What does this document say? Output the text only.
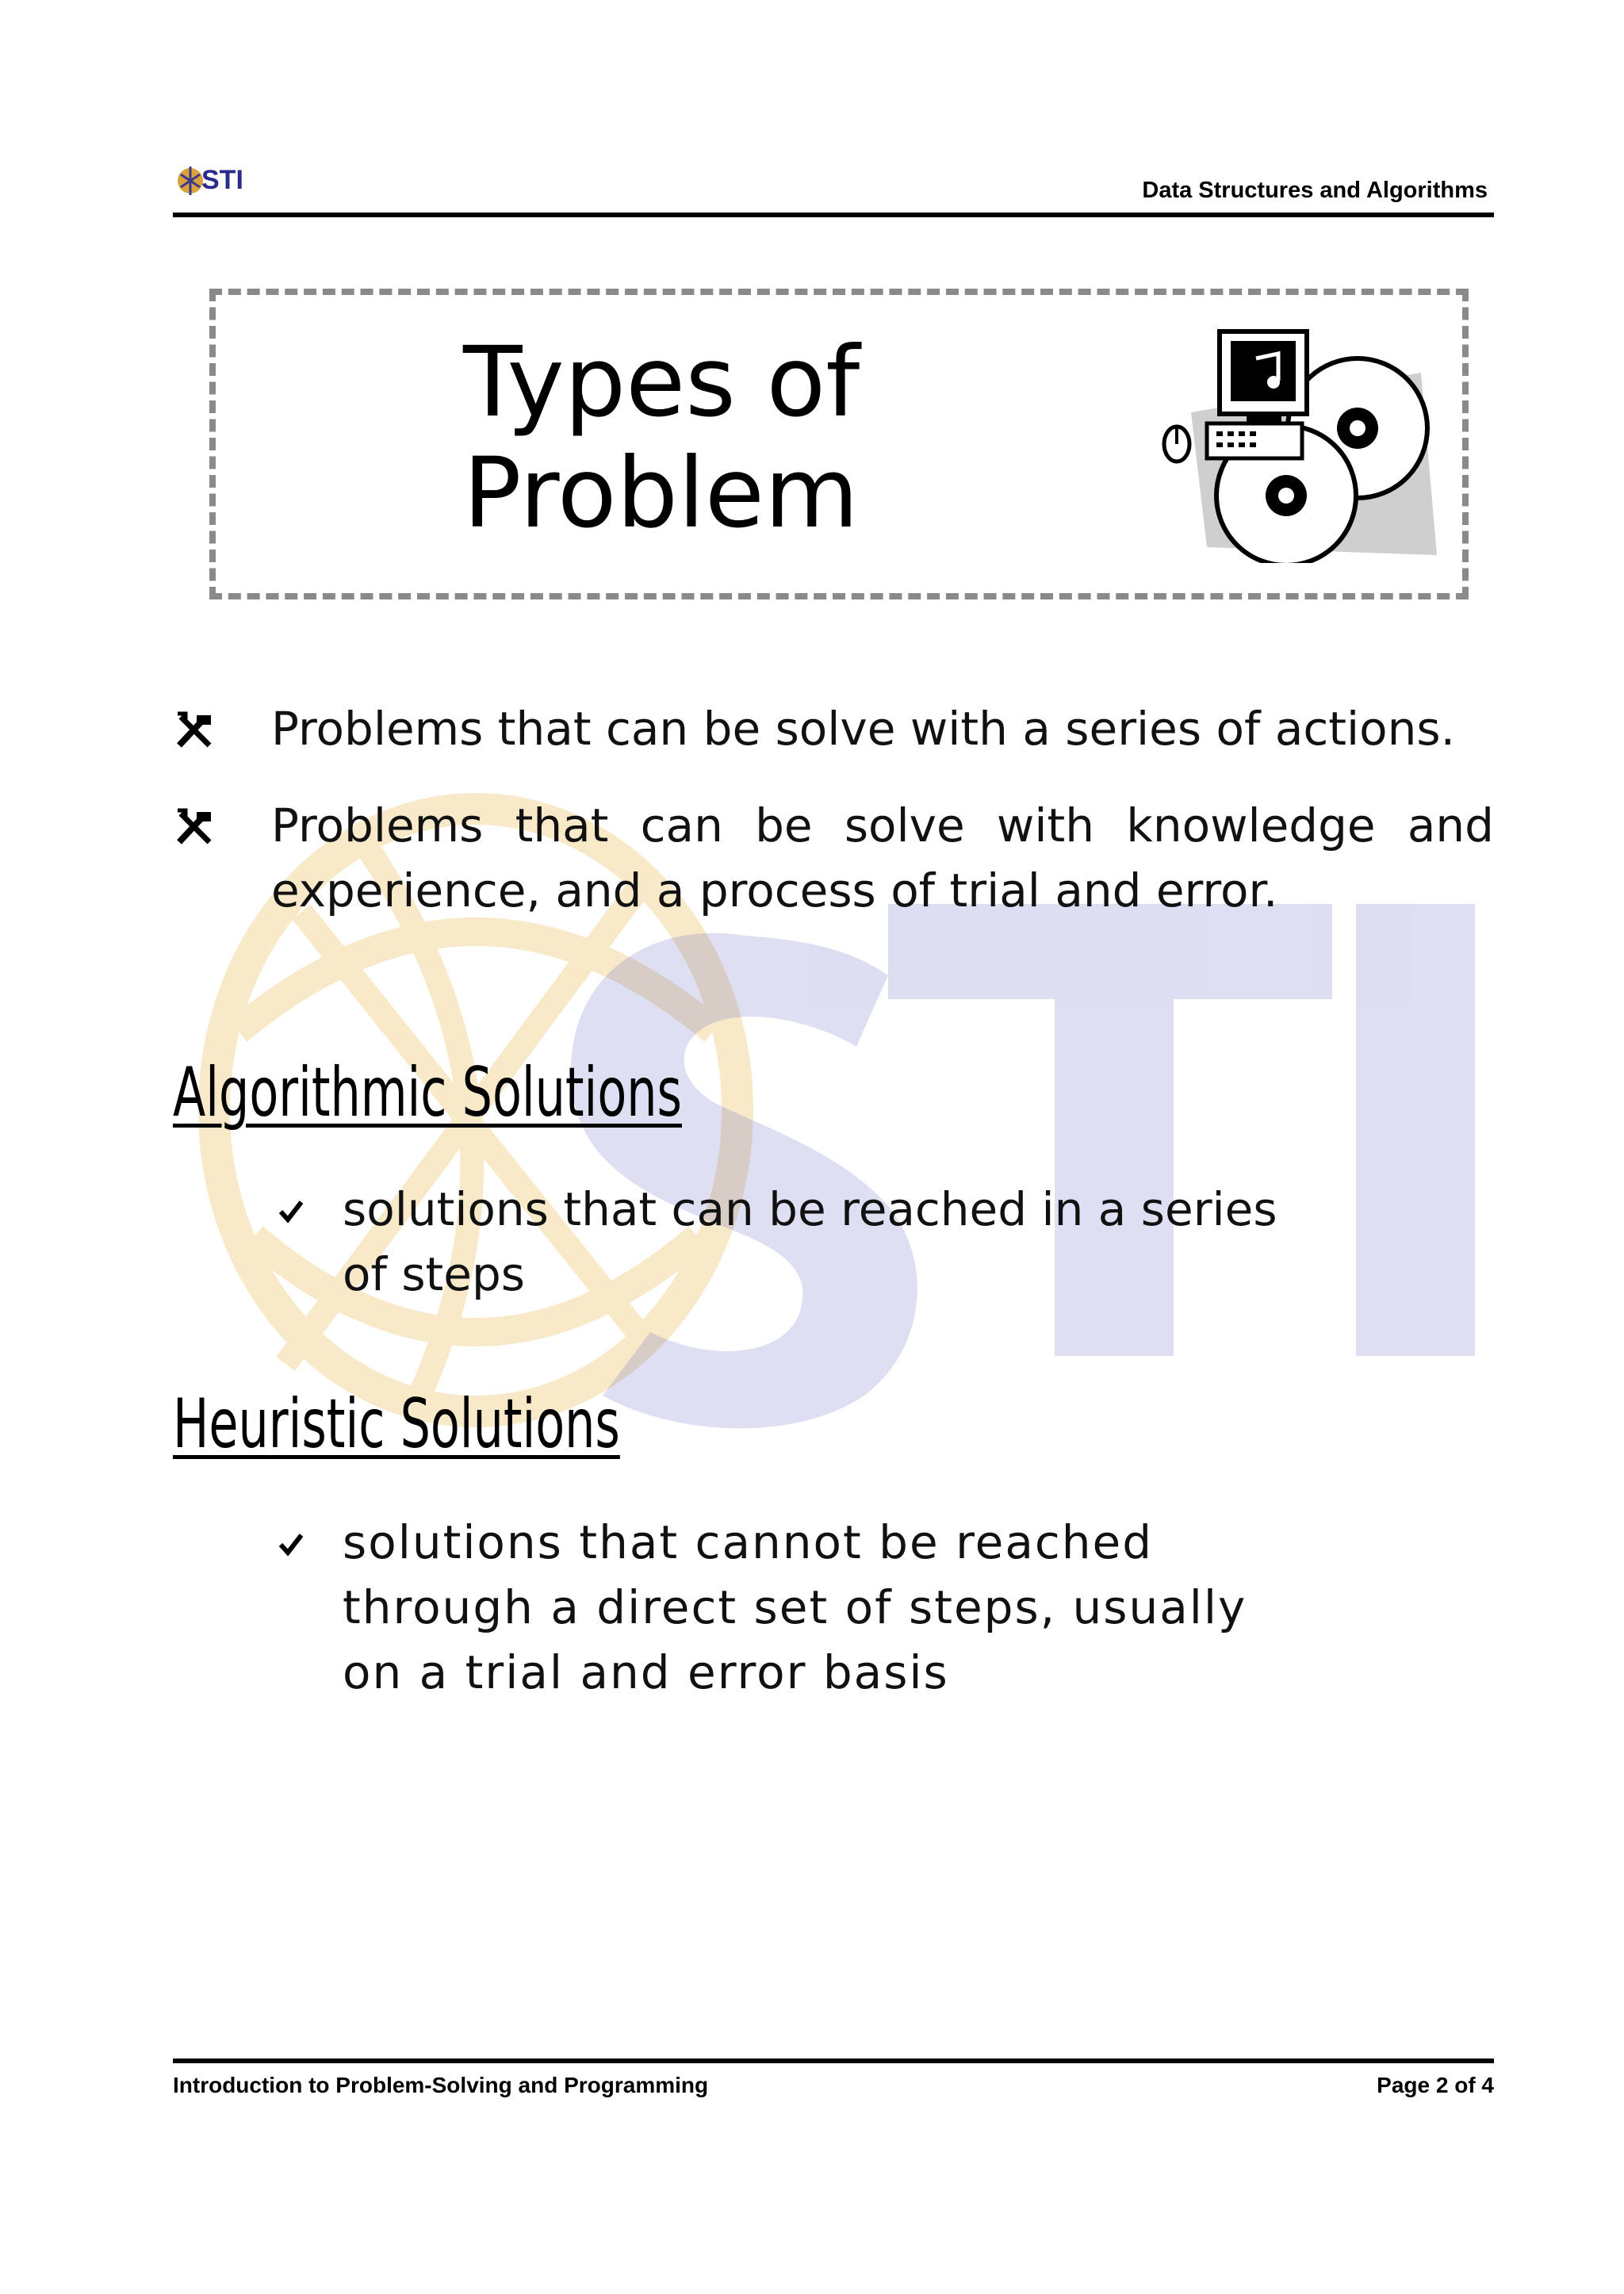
STI	Data Structures and Algorithms
Types of
Problem
Problems that can be solve with a series of actions.
Problems that can be solve with knowledge and experience, and a process of trial and error.
Algorithmic Solutions
solutions that can be reached in a series of steps
Heuristic Solutions
solutions that cannot be reached through a direct set of steps, usually on a trial and error basis
Introduction to Problem-Solving and Programming	Page 2 of 4
